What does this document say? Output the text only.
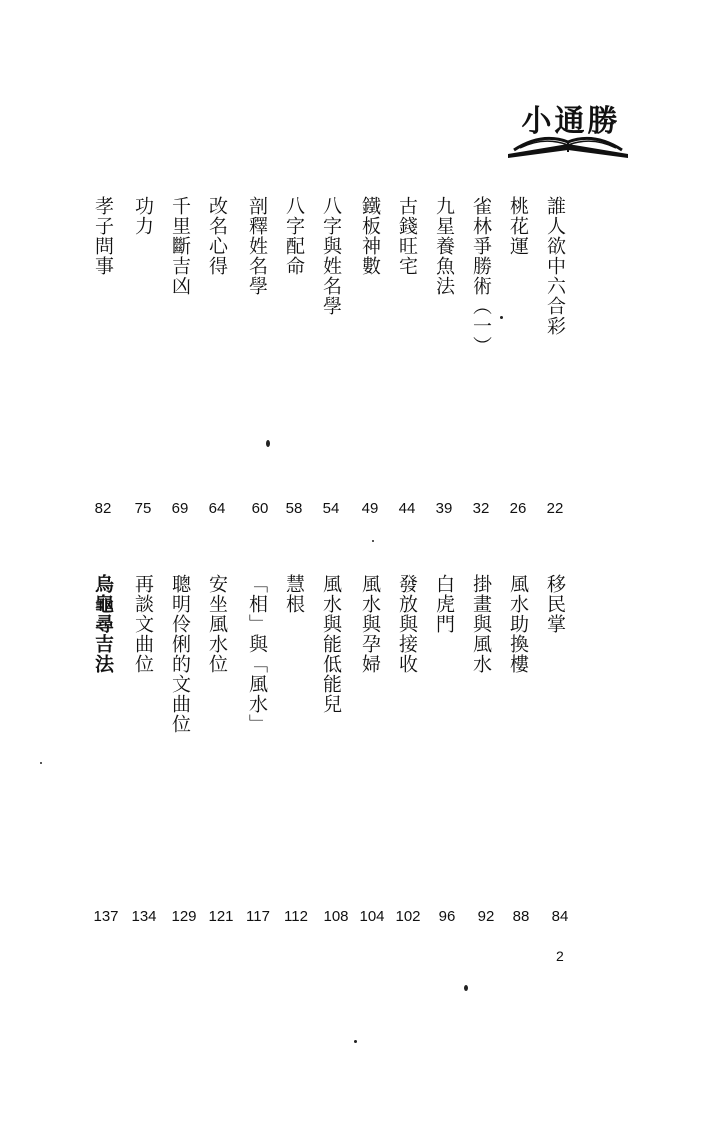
小通勝
誰人欲中六合彩
22
桃花運
26
雀林爭勝術（一）
32
九星養魚法
39
古錢旺宅
44
鐵板神數
49
八字與姓名學
54
八字配命
58
剖釋姓名學
60
改名心得
64
千里斷吉凶
69
功力
75
孝子問事
82
移民掌
84
風水助換樓
88
掛畫與風水
92
白虎門
96
發放與接收
102
風水與孕婦
104
風水與能低能兒
108
慧根
112
「相」與「風水」
117
安坐風水位
121
聰明伶俐的文曲位
129
再談文曲位
134
烏龜尋吉法
137
2
